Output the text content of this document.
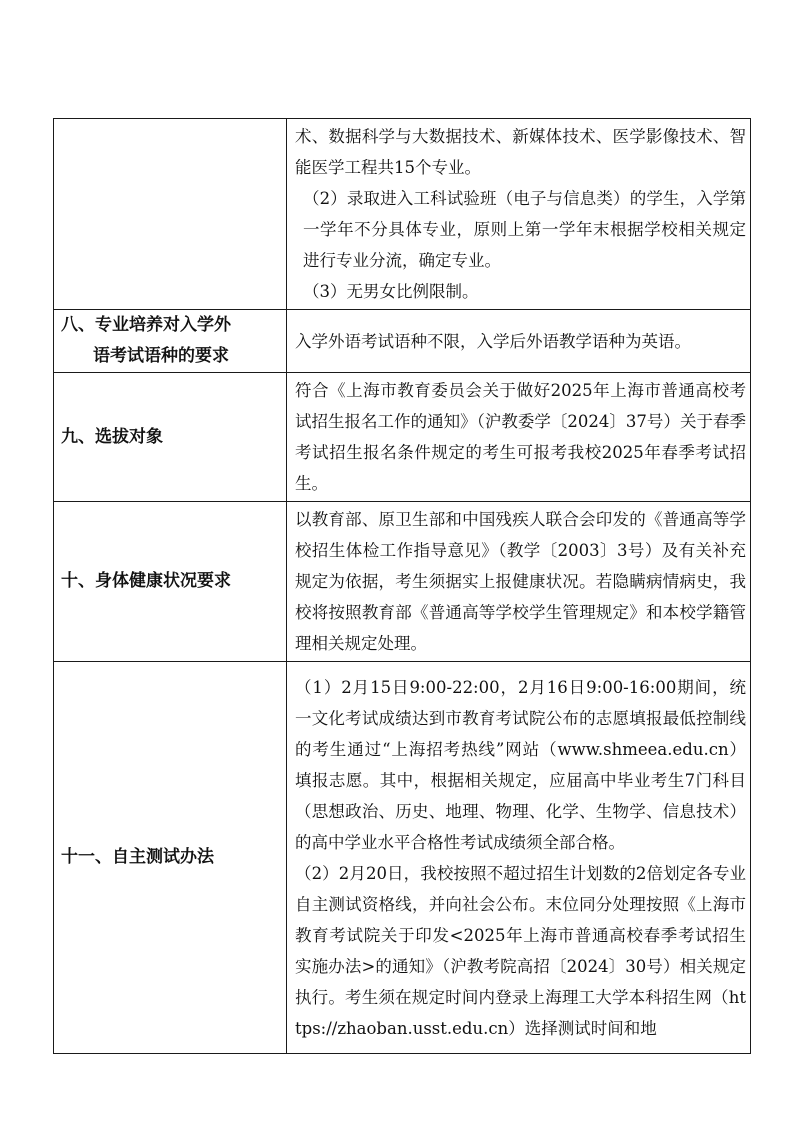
	术、数据科学与大数据技术、新媒体技术、医学影像技术、智能医学工程共15个专业。

（2）录取进入工科试验班（电子与信息类）的学生，入学第一学年不分具体专业，原则上第一学年末根据学校相关规定进行专业分流，确定专业。

（3）无男女比例限制。

八、专业培养对入学外
语考试语种的要求	入学外语考试语种不限，入学后外语教学语种为英语。

九、选拔对象	符合《上海市教育委员会关于做好2025年上海市普通高校考试招生报名工作的通知》（沪教委学〔2024〕37号）关于春季考试招生报名条件规定的考生可报考我校2025年春季考试招生。

十、身体健康状况要求	以教育部、原卫生部和中国残疾人联合会印发的《普通高等学校招生体检工作指导意见》（教学〔2003〕3号）及有关补充规定为依据，考生须据实上报健康状况。若隐瞒病情病史，我校将按照教育部《普通高等学校学生管理规定》和本校学籍管理相关规定处理。

十一、自主测试办法	（1）2月15日9:00-22:00，2月16日9:00-16:00期间，统一文化考试成绩达到市教育考试院公布的志愿填报最低控制线的考生通过“上海招考热线”网站（www.shmeea.edu.cn）填报志愿。其中，根据相关规定，应届高中毕业考生7门科目（思想政治、历史、地理、物理、化学、生物学、信息技术）的高中学业水平合格性考试成绩须全部合格。

（2）2月20日，我校按照不超过招生计划数的2倍划定各专业自主测试资格线，并向社会公布。末位同分处理按照《上海市教育考试院关于印发<2025年上海市普通高校春季考试招生实施办法>的通知》（沪教考院高招〔2024〕30号）相关规定执行。考生须在规定时间内登录上海理工大学本科招生网（https://zhaoban.usst.edu.cn）选择测试时间和地
